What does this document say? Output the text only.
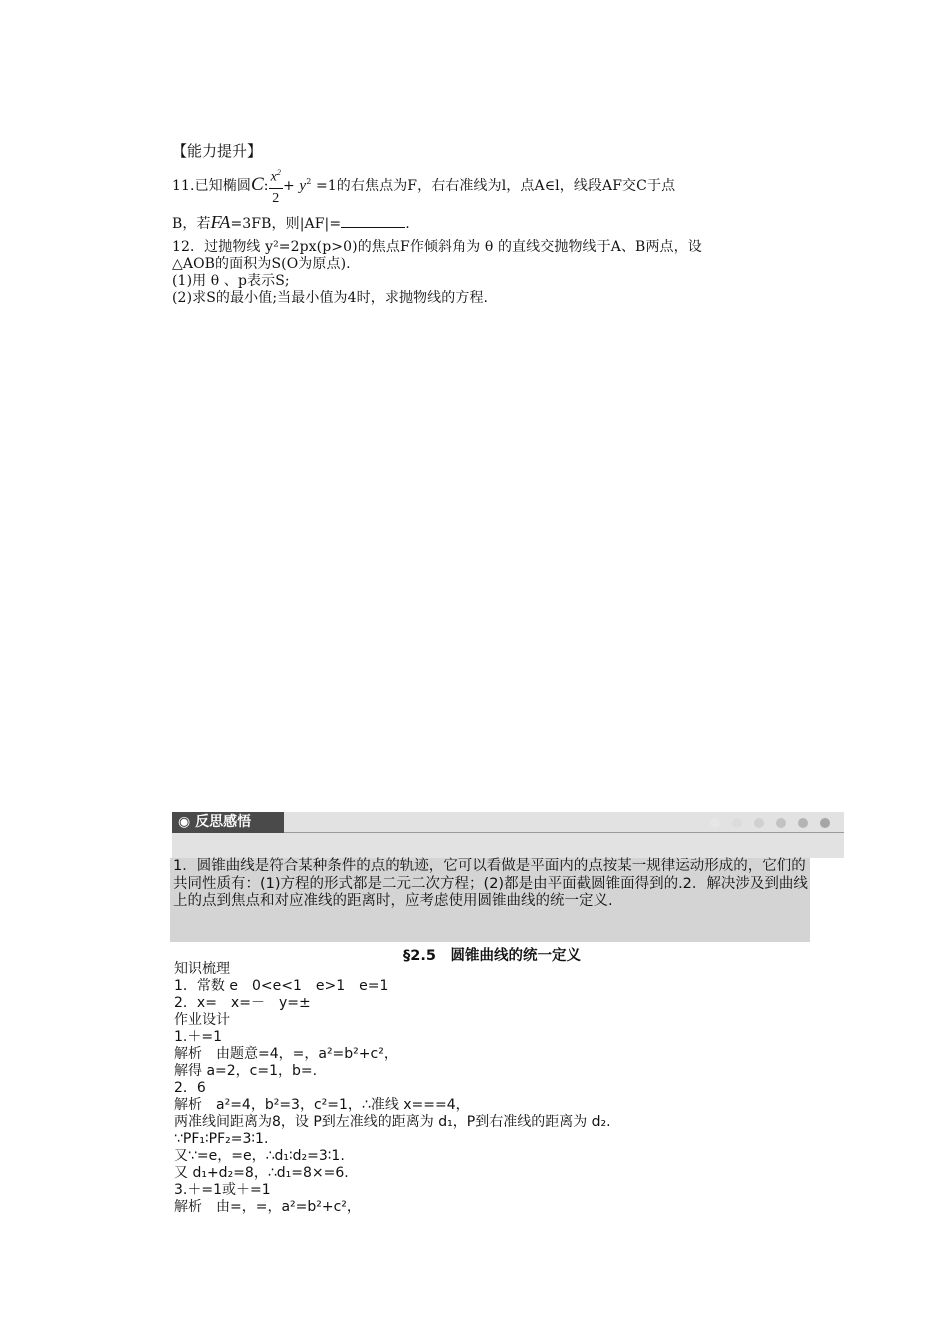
【能力提升】
11.已知椭圆C: $\frac{x^2}{2} + y^2 =1$的右焦点为F，右右准线为l，点A∈l，线段AF交C于点
B，若FA=3FB，则|AF|=	.
12．过抛物线 y²=2px(p>0)的焦点F作倾斜角为 θ 的直线交抛物线于A、B两点，设
△AOB的面积为S(O为原点).
(1)用 θ 、p表示S;
(2)求S的最小值;当最小值为4时，求抛物线的方程.
◉ 反思感悟
1．圆锥曲线是符合某种条件的点的轨迹，它可以看做是平面内的点按某一规律运动形成的，它们的共同性质有：(1)方程的形式都是二元二次方程；(2)都是由平面截圆锥面得到的.2．解决涉及到曲线上的点到焦点和对应准线的距离时，应考虑使用圆锥曲线的统一定义.
§2.5　圆锥曲线的统一定义
知识梳理
1．常数 e　0<e<1　e>1　e=1
2．x=　x=－　y=±
作业设计
1.＋=1
解析　由题意=4，=，a²=b²+c²，
解得 a=2，c=1，b=.
2．6
解析　a²=4，b²=3，c²=1，∴准线 x===4，
两准线间距离为8，设 P到左准线的距离为 d₁，P到右准线的距离为 d₂.
∵PF₁∶PF₂=3∶1.
又∵=e，=e，∴d₁∶d₂=3∶1.
又 d₁+d₂=8，∴d₁=8×=6.
3.＋=1或＋=1
解析　由=，=，a²=b²+c²，
